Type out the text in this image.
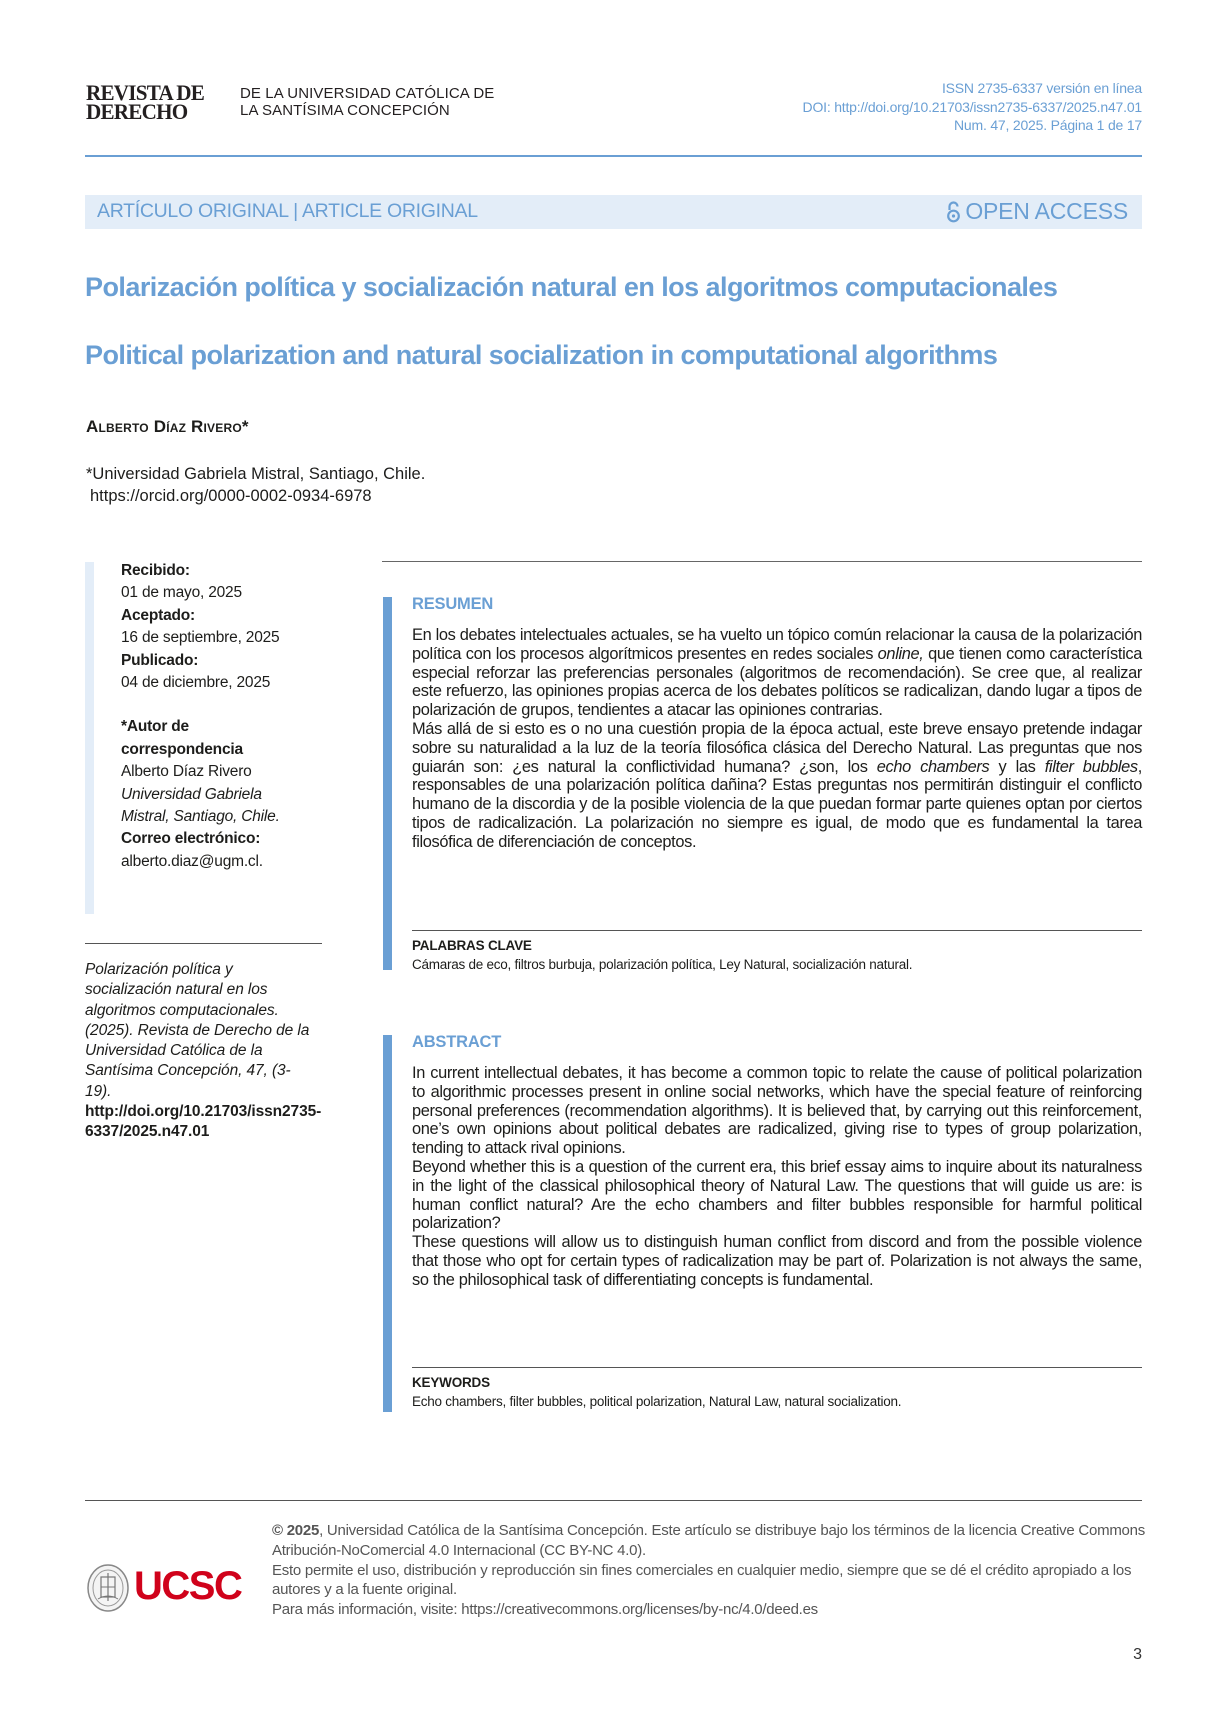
REVISTA DE
DERECHO
DE LA UNIVERSIDAD CATÓLICA DE
LA SANTÍSIMA CONCEPCIÓN
ISSN 2735-6337 versión en línea
DOI: http://doi.org/10.21703/issn2735-6337/2025.n47.01
Num. 47, 2025. Página 1 de 17
ARTÍCULO ORIGINAL | ARTICLE ORIGINAL	OPEN ACCESS
Polarización política y socialización natural en los algoritmos computacionales
Political polarization and natural socialization in computational algorithms
Alberto Díaz Rivero*
*Universidad Gabriela Mistral, Santiago, Chile.
https://orcid.org/0000-0002-0934-6978
Recibido:
01 de mayo, 2025
Aceptado:
16 de septiembre, 2025
Publicado:
04 de diciembre, 2025
*Autor de
correspondencia
Alberto Díaz Rivero
Universidad Gabriela
Mistral, Santiago, Chile.
Correo electrónico:
alberto.diaz@ugm.cl.
Polarización política y socialización natural en los algoritmos computacionales. (2025). Revista de Derecho de la Universidad Católica de la Santísima Concepción, 47, (3-19). http://doi.org/10.21703/issn2735-6337/2025.n47.01
RESUMEN

En los debates intelectuales actuales, se ha vuelto un tópico común relacionar la causa de la polarización política con los procesos algorítmicos presentes en redes sociales online, que tienen como característica especial reforzar las preferencias personales (algoritmos de recomendación). Se cree que, al realizar este refuerzo, las opiniones propias acerca de los debates políticos se radicalizan, dando lugar a tipos de polarización de grupos, tendientes a atacar las opiniones contrarias.

Más allá de si esto es o no una cuestión propia de la época actual, este breve ensayo pretende indagar sobre su naturalidad a la luz de la teoría filosófica clásica del Derecho Natural. Las preguntas que nos guiarán son: ¿es natural la conflictividad humana? ¿son, los echo chambers y las filter bubbles, responsables de una polarización política dañina? Estas preguntas nos permitirán distinguir el conflicto humano de la discordia y de la posible violencia de la que puedan formar parte quienes optan por ciertos tipos de radicalización. La polarización no siempre es igual, de modo que es fundamental la tarea filosófica de diferenciación de conceptos.

PALABRAS CLAVE
Cámaras de eco, filtros burbuja, polarización política, Ley Natural, socialización natural.
ABSTRACT

In current intellectual debates, it has become a common topic to relate the cause of political polarization to algorithmic processes present in online social networks, which have the special feature of reinforcing personal preferences (recommendation algorithms). It is believed that, by carrying out this reinforcement, one’s own opinions about political debates are radicalized, giving rise to types of group polarization, tending to attack rival opinions.

Beyond whether this is a question of the current era, this brief essay aims to inquire about its naturalness in the light of the classical philosophical theory of Natural Law. The questions that will guide us are: is human conflict natural? Are the echo chambers and filter bubbles responsible for harmful political polarization?

These questions will allow us to distinguish human conflict from discord and from the possible violence that those who opt for certain types of radicalization may be part of. Polarization is not always the same, so the philosophical task of differentiating concepts is fundamental.

KEYWORDS
Echo chambers, filter bubbles, political polarization, Natural Law, natural socialization.
UCSC

© 2025, Universidad Católica de la Santísima Concepción. Este artículo se distribuye bajo los términos de la licencia Creative Commons Atribución-NoComercial 4.0 Internacional (CC BY-NC 4.0).

Esto permite el uso, distribución y reproducción sin fines comerciales en cualquier medio, siempre que se dé el crédito apropiado a los autores y a la fuente original.

Para más información, visite: https://creativecommons.org/licenses/by-nc/4.0/deed.es

3
